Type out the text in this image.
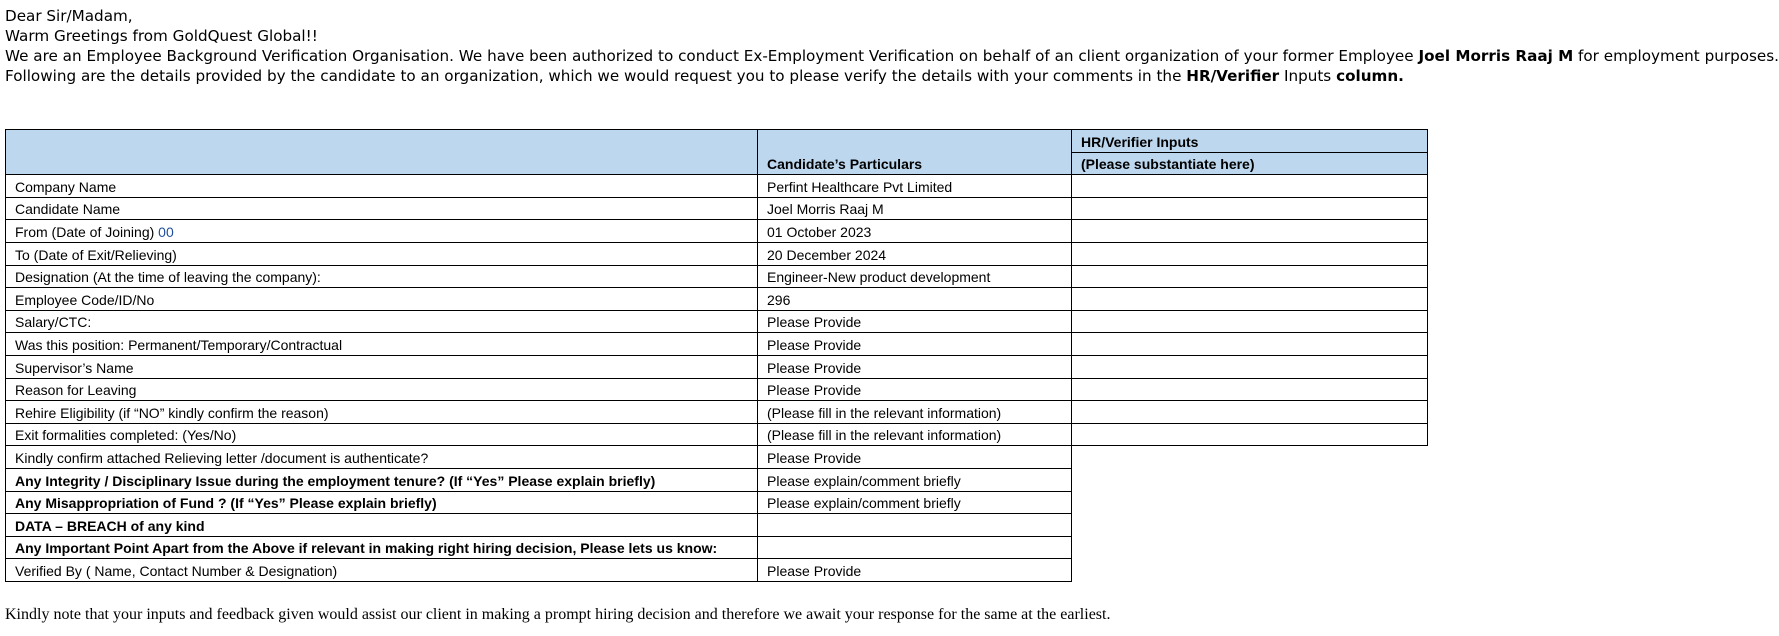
Dear Sir/Madam,
Warm Greetings from GoldQuest Global!!
We are an Employee Background Verification Organisation. We have been authorized to conduct Ex-Employment Verification on behalf of an client organization of your former Employee Joel Morris Raaj M for employment purposes.
Following are the details provided by the candidate to an organization, which we would request you to please verify the details with your comments in the HR/Verifier Inputs column.
	Candidate’s Particulars	HR/Verifier Inputs
		(Please substantiate here)
Company Name	Perfint Healthcare Pvt Limited	
Candidate Name	Joel Morris Raaj M	
From (Date of Joining) 00	01 October 2023	
To (Date of Exit/Relieving)	20 December 2024	
Designation (At the time of leaving the company):	Engineer-New product development	
Employee Code/ID/No	296	
Salary/CTC:	Please Provide	
Was this position: Permanent/Temporary/Contractual	Please Provide	
Supervisor’s Name	Please Provide	
Reason for Leaving	Please Provide	
Rehire Eligibility (if “NO” kindly confirm the reason)	(Please fill in the relevant information)	
Exit formalities completed: (Yes/No)	(Please fill in the relevant information)	
Kindly confirm attached Relieving letter /document is authenticate?	Please Provide	
Any Integrity / Disciplinary Issue during the employment tenure? (If “Yes” Please explain briefly)	Please explain/comment briefly	
Any Misappropriation of Fund ? (If “Yes” Please explain briefly)	Please explain/comment briefly	
DATA – BREACH of any kind		
Any Important Point Apart from the Above if relevant in making right hiring decision, Please lets us know:		
Verified By ( Name, Contact Number & Designation)	Please Provide	
Kindly note that your inputs and feedback given would assist our client in making a prompt hiring decision and therefore we await your response for the same at the earliest.
